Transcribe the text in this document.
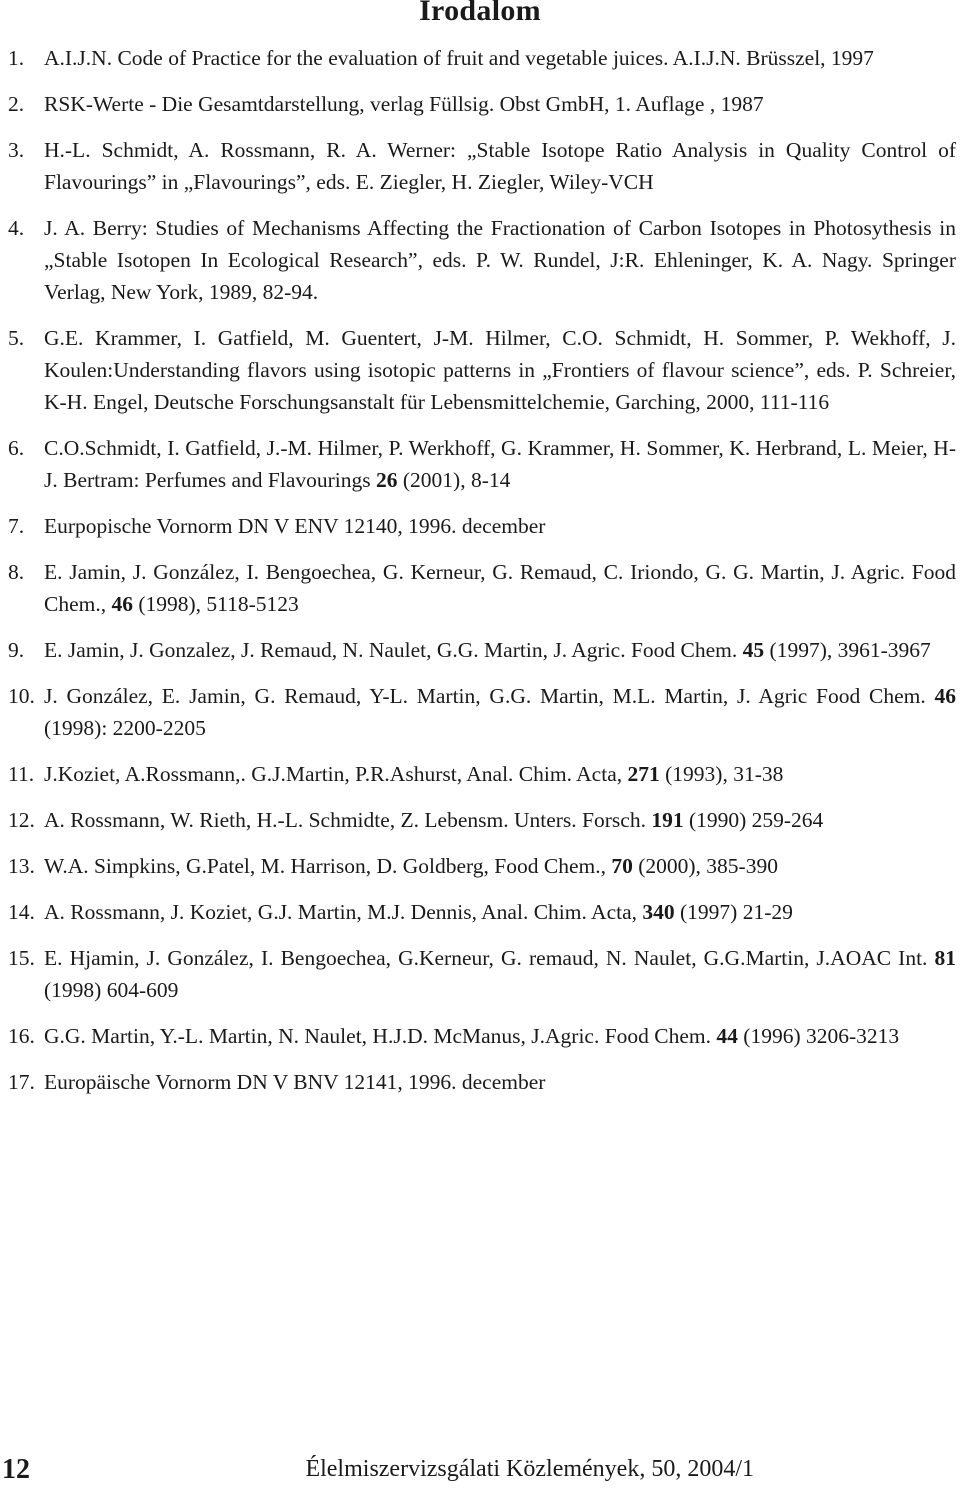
Irodalom
1. A.I.J.N. Code of Practice for the evaluation of fruit and vegetable juices. A.I.J.N. Brüsszel, 1997
2. RSK-Werte - Die Gesamtdarstellung, verlag Füllsig. Obst GmbH, 1. Auflage , 1987
3. H.-L. Schmidt, A. Rossmann, R. A. Werner: „Stable Isotope Ratio Analysis in Quality Control of Flavourings” in „Flavourings”, eds. E. Ziegler, H. Ziegler, Wiley-VCH
4. J. A. Berry: Studies of Mechanisms Affecting the Fractionation of Carbon Isotopes in Photosythesis in „Stable Isotopen In Ecological Research”, eds. P. W. Rundel, J:R. Ehleninger, K. A. Nagy. Springer Verlag, New York, 1989, 82-94.
5. G.E. Krammer, I. Gatfield, M. Guentert, J-M. Hilmer, C.O. Schmidt, H. Sommer, P. Wekhoff, J. Koulen:Understanding flavors using isotopic patterns in „Frontiers of flavour science”, eds. P. Schreier, K-H. Engel, Deutsche Forschungsanstalt für Lebensmittelchemie, Garching, 2000, 111-116
6. C.O.Schmidt, I. Gatfield, J.-M. Hilmer, P. Werkhoff, G. Krammer, H. Sommer, K. Herbrand, L. Meier, H-J. Bertram: Perfumes and Flavourings 26 (2001), 8-14
7. Eurpopische Vornorm DN V ENV 12140, 1996. december
8. E. Jamin, J. González, I. Bengoechea, G. Kerneur, G. Remaud, C. Iriondo, G. G. Martin, J. Agric. Food Chem., 46 (1998), 5118-5123
9. E. Jamin, J. Gonzalez, J. Remaud, N. Naulet, G.G. Martin, J. Agric. Food Chem. 45 (1997), 3961-3967
10. J. González, E. Jamin, G. Remaud, Y-L. Martin, G.G. Martin, M.L. Martin, J. Agric Food Chem. 46 (1998): 2200-2205
11. J.Koziet, A.Rossmann,. G.J.Martin, P.R.Ashurst, Anal. Chim. Acta, 271 (1993), 31-38
12. A. Rossmann, W. Rieth, H.-L. Schmidte, Z. Lebensm. Unters. Forsch. 191 (1990) 259-264
13. W.A. Simpkins, G.Patel, M. Harrison, D. Goldberg, Food Chem., 70 (2000), 385-390
14. A. Rossmann, J. Koziet, G.J. Martin, M.J. Dennis, Anal. Chim. Acta, 340 (1997) 21-29
15. E. Hjamin, J. González, I. Bengoechea, G.Kerneur, G. remaud, N. Naulet, G.G.Martin, J.AOAC Int. 81 (1998) 604-609
16. G.G. Martin, Y.-L. Martin, N. Naulet, H.J.D. McManus, J.Agric. Food Chem. 44 (1996) 3206-3213
17. Europäische Vornorm DN V BNV 12141, 1996. december
12	Élelmiszervizsgálati Közlemények, 50, 2004/1
